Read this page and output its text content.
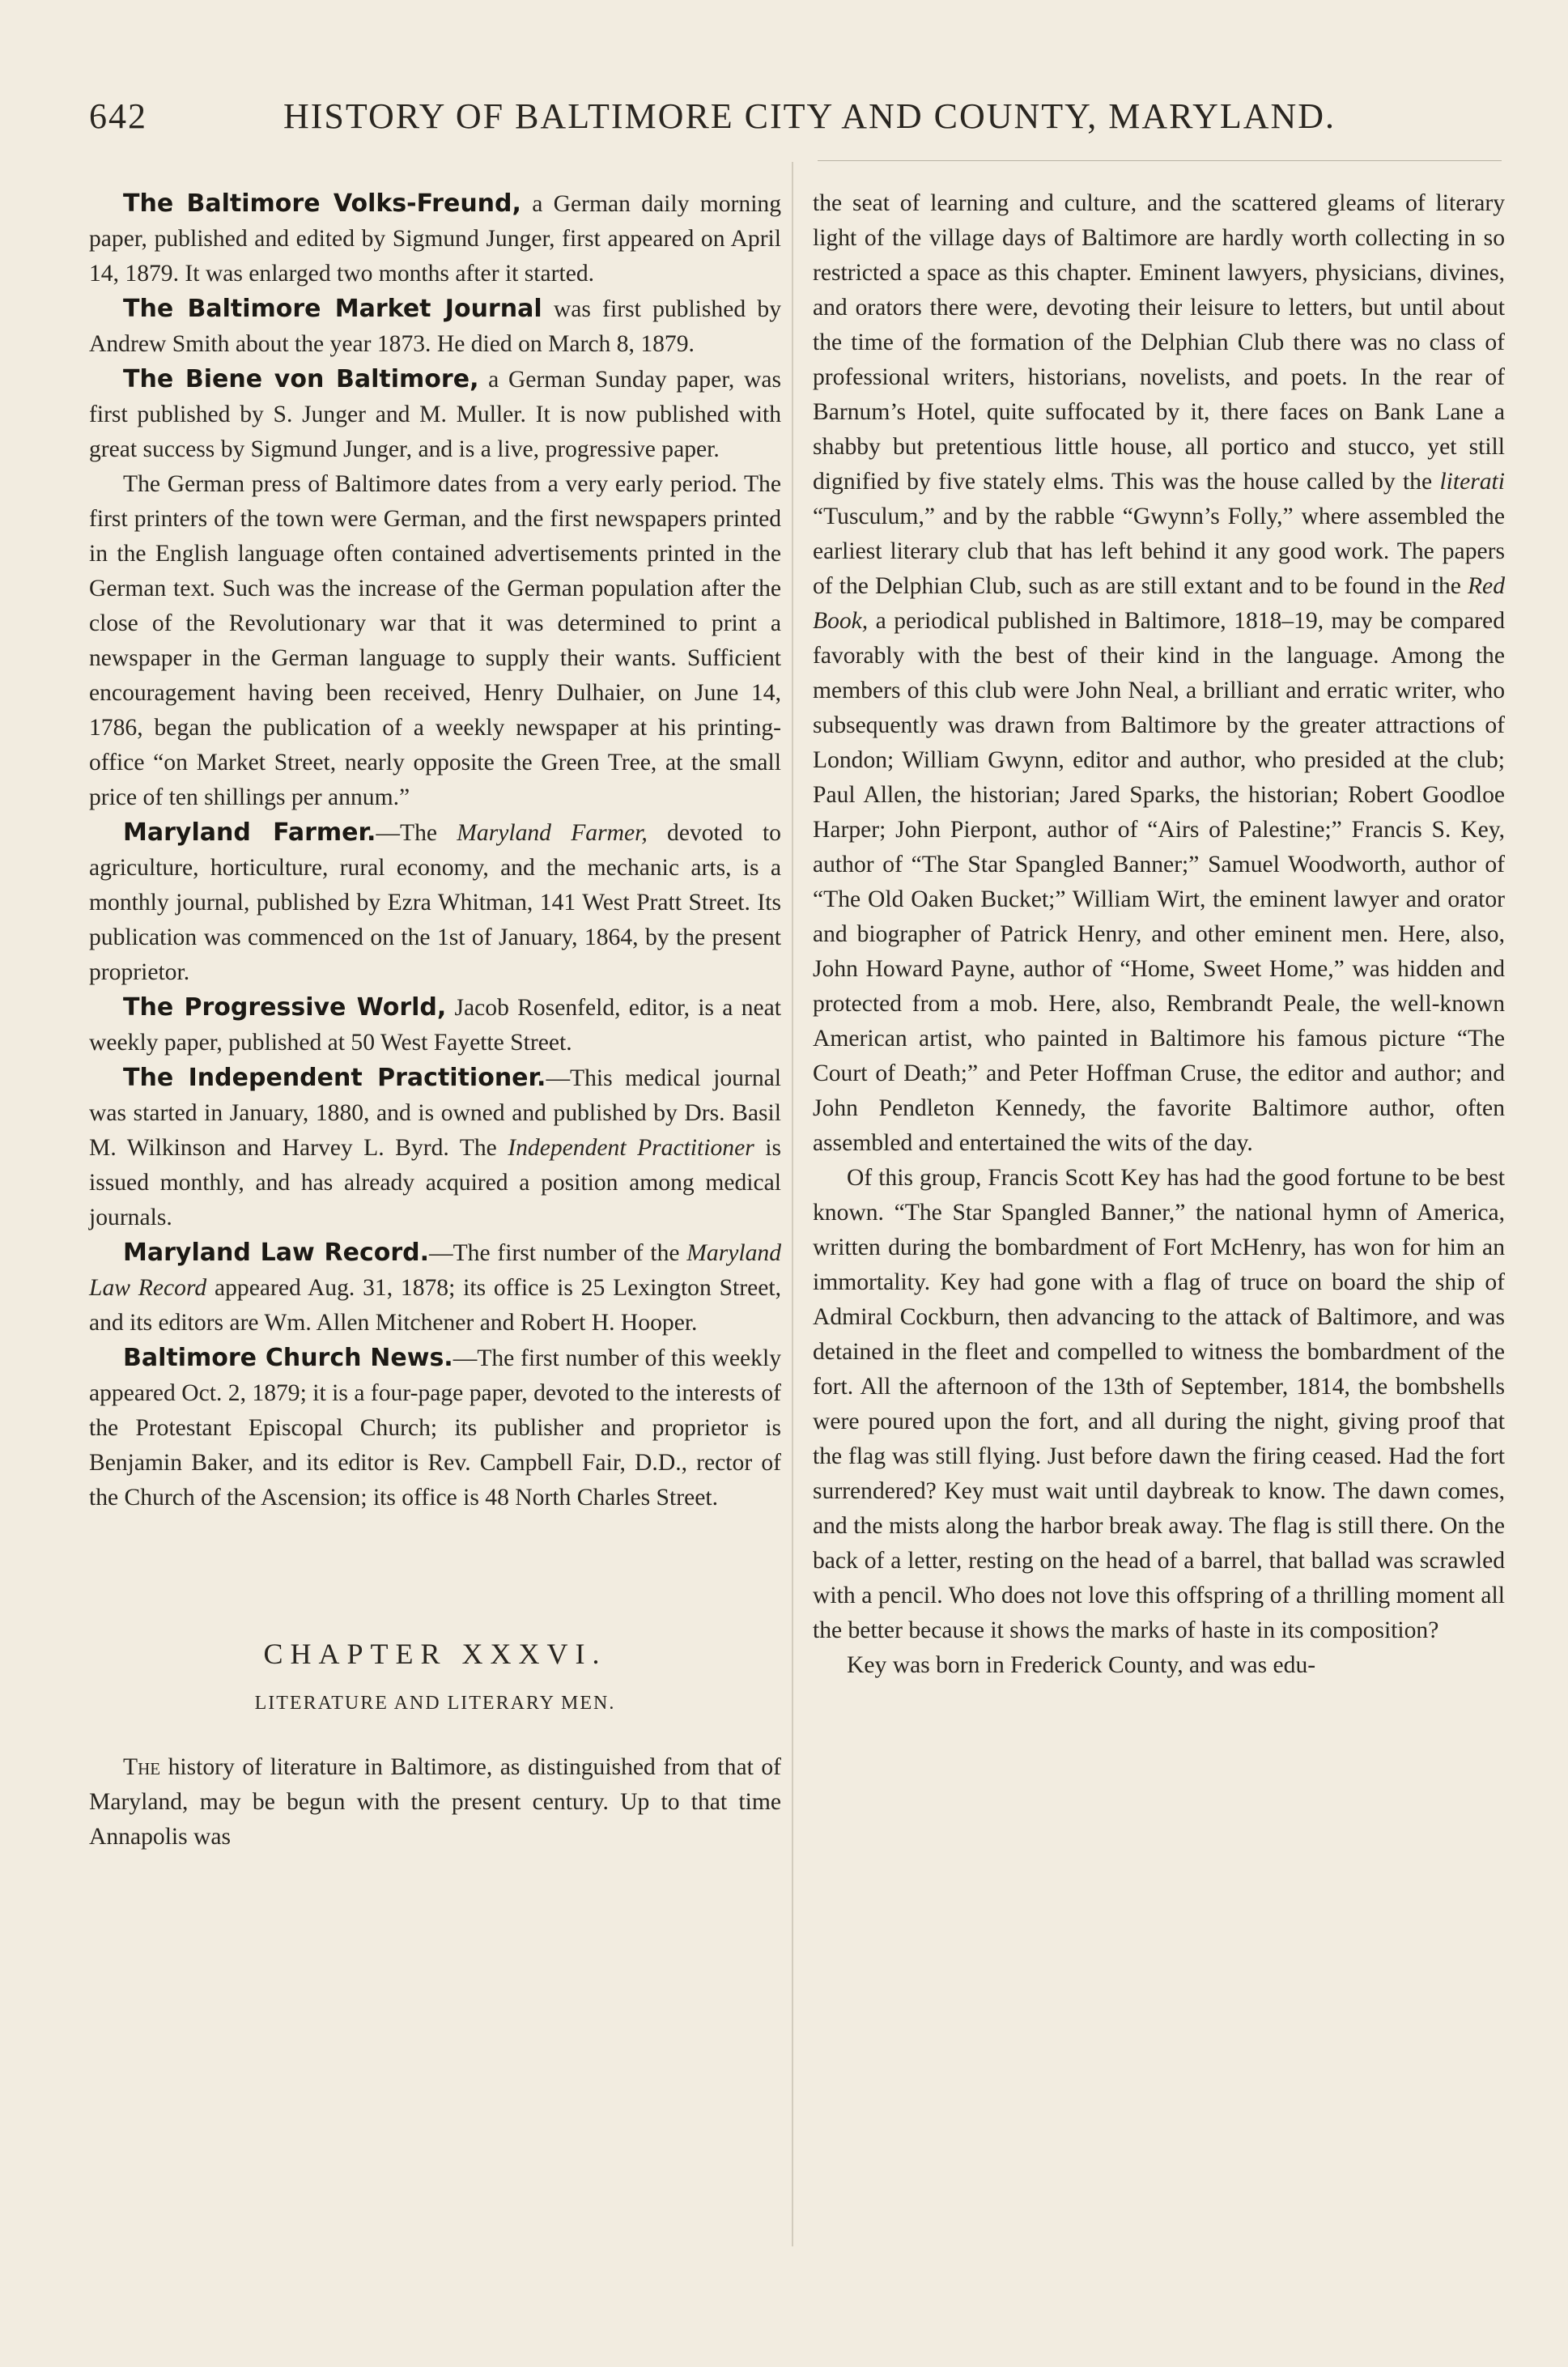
642	HISTORY OF BALTIMORE CITY AND COUNTY, MARYLAND.

The Baltimore Volks-Freund, a German daily morning paper, published and edited by Sigmund Junger, first appeared on April 14, 1879. It was enlarged two months after it started.

The Baltimore Market Journal was first published by Andrew Smith about the year 1873. He died on March 8, 1879.

The Biene von Baltimore, a German Sunday paper, was first published by S. Junger and M. Muller. It is now published with great success by Sigmund Junger, and is a live, progressive paper.

The German press of Baltimore dates from a very early period. The first printers of the town were German, and the first newspapers printed in the English language often contained advertisements printed in the German text. Such was the increase of the German population after the close of the Revolutionary war that it was determined to print a newspaper in the German language to supply their wants. Sufficient encouragement having been received, Henry Dulhaier, on June 14, 1786, began the publication of a weekly newspaper at his printing-office “on Market Street, nearly opposite the Green Tree, at the small price of ten shillings per annum.”

Maryland Farmer.—The Maryland Farmer, devoted to agriculture, horticulture, rural economy, and the mechanic arts, is a monthly journal, published by Ezra Whitman, 141 West Pratt Street. Its publication was commenced on the 1st of January, 1864, by the present proprietor.

The Progressive World, Jacob Rosenfeld, editor, is a neat weekly paper, published at 50 West Fayette Street.

The Independent Practitioner.—This medical journal was started in January, 1880, and is owned and published by Drs. Basil M. Wilkinson and Harvey L. Byrd. The Independent Practitioner is issued monthly, and has already acquired a position among medical journals.

Maryland Law Record.—The first number of the Maryland Law Record appeared Aug. 31, 1878; its office is 25 Lexington Street, and its editors are Wm. Allen Mitchener and Robert H. Hooper.

Baltimore Church News.—The first number of this weekly appeared Oct. 2, 1879; it is a four-page paper, devoted to the interests of the Protestant Episcopal Church; its publisher and proprietor is Benjamin Baker, and its editor is Rev. Campbell Fair, D.D., rector of the Church of the Ascension; its office is 48 North Charles Street.

CHAPTER XXXVI.

LITERATURE AND LITERARY MEN.

The history of literature in Baltimore, as distinguished from that of Maryland, may be begun with the present century. Up to that time Annapolis was

the seat of learning and culture, and the scattered gleams of literary light of the village days of Baltimore are hardly worth collecting in so restricted a space as this chapter. Eminent lawyers, physicians, divines, and orators there were, devoting their leisure to letters, but until about the time of the formation of the Delphian Club there was no class of professional writers, historians, novelists, and poets. In the rear of Barnum’s Hotel, quite suffocated by it, there faces on Bank Lane a shabby but pretentious little house, all portico and stucco, yet still dignified by five stately elms. This was the house called by the literati “Tusculum,” and by the rabble “Gwynn’s Folly,” where assembled the earliest literary club that has left behind it any good work. The papers of the Delphian Club, such as are still extant and to be found in the Red Book, a periodical published in Baltimore, 1818–19, may be compared favorably with the best of their kind in the language. Among the members of this club were John Neal, a brilliant and erratic writer, who subsequently was drawn from Baltimore by the greater attractions of London; William Gwynn, editor and author, who presided at the club; Paul Allen, the historian; Jared Sparks, the historian; Robert Goodloe Harper; John Pierpont, author of “Airs of Palestine;” Francis S. Key, author of “The Star Spangled Banner;” Samuel Woodworth, author of “The Old Oaken Bucket;” William Wirt, the eminent lawyer and orator and biographer of Patrick Henry, and other eminent men. Here, also, John Howard Payne, author of “Home, Sweet Home,” was hidden and protected from a mob. Here, also, Rembrandt Peale, the well-known American artist, who painted in Baltimore his famous picture “The Court of Death;” and Peter Hoffman Cruse, the editor and author; and John Pendleton Kennedy, the favorite Baltimore author, often assembled and entertained the wits of the day.

Of this group, Francis Scott Key has had the good fortune to be best known. “The Star Spangled Banner,” the national hymn of America, written during the bombardment of Fort McHenry, has won for him an immortality. Key had gone with a flag of truce on board the ship of Admiral Cockburn, then advancing to the attack of Baltimore, and was detained in the fleet and compelled to witness the bombardment of the fort. All the afternoon of the 13th of September, 1814, the bombshells were poured upon the fort, and all during the night, giving proof that the flag was still flying. Just before dawn the firing ceased. Had the fort surrendered? Key must wait until daybreak to know. The dawn comes, and the mists along the harbor break away. The flag is still there. On the back of a letter, resting on the head of a barrel, that ballad was scrawled with a pencil. Who does not love this offspring of a thrilling moment all the better because it shows the marks of haste in its composition?

Key was born in Frederick County, and was edu-
